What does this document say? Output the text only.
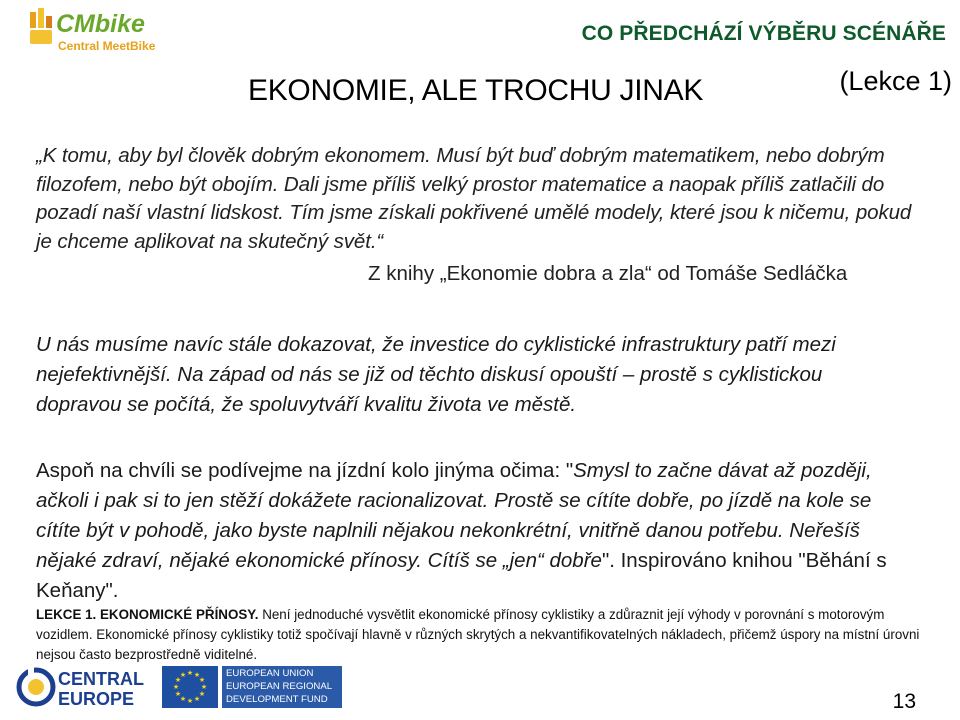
CMbike
Central MeetBike
CO PŘEDCHÁZÍ VÝBĚRU SCÉNÁŘE
EKONOMIE, ALE TROCHU JINAK	(Lekce 1)
„K tomu, aby byl člověk dobrým ekonomem. Musí být buď dobrým matematikem, nebo dobrým filozofem, nebo být obojím. Dali jsme příliš velký prostor matematice a naopak příliš zatlačili do pozadí naší vlastní lidskost. Tím jsme získali pokřivené umělé modely, které jsou k ničemu, pokud je chceme aplikovat na skutečný svět.“
Z knihy „Ekonomie dobra a zla“ od Tomáše Sedláčka
U nás musíme navíc stále dokazovat, že investice do cyklistické infrastruktury patří mezi nejefektivnější. Na západ od nás se již od těchto diskusí opouští – prostě s cyklistickou dopravou se počítá, že spoluvytváří kvalitu života ve městě.
Aspoň na chvíli se podívejme na jízdní kolo jinýma očima: "Smysl to začne dávat až později, ačkoli i pak si to jen stěží dokážete racionalizovat. Prostě se cítíte dobře, po jízdě na kole se cítíte být v pohodě, jako byste naplnili nějakou nekonkrétní, vnitřně danou potřebu. Neřešíš nějaké zdraví, nějaké ekonomické přínosy. Cítíš se „jen“ dobře". Inspirováno knihou "Běhání s Keňany".
LEKCE 1. EKONOMICKÉ PŘÍNOSY. Není jednoduché vysvětlit ekonomické přínosy cyklistiky a zdůraznit její výhody v porovnání s motorovým vozidlem. Ekonomické přínosy cyklistiky totiž spočívají hlavně v různých skrytých a nekvantifikovatelných nákladech, přičemž úspory na místní úrovni nejsou často bezprostředně viditelné.
CENTRAL
EUROPE
★ ★
★
★
★
★
★
★
★
★
★
★	EUROPEAN UNION
EUROPEAN REGIONAL
DEVELOPMENT FUND	13
